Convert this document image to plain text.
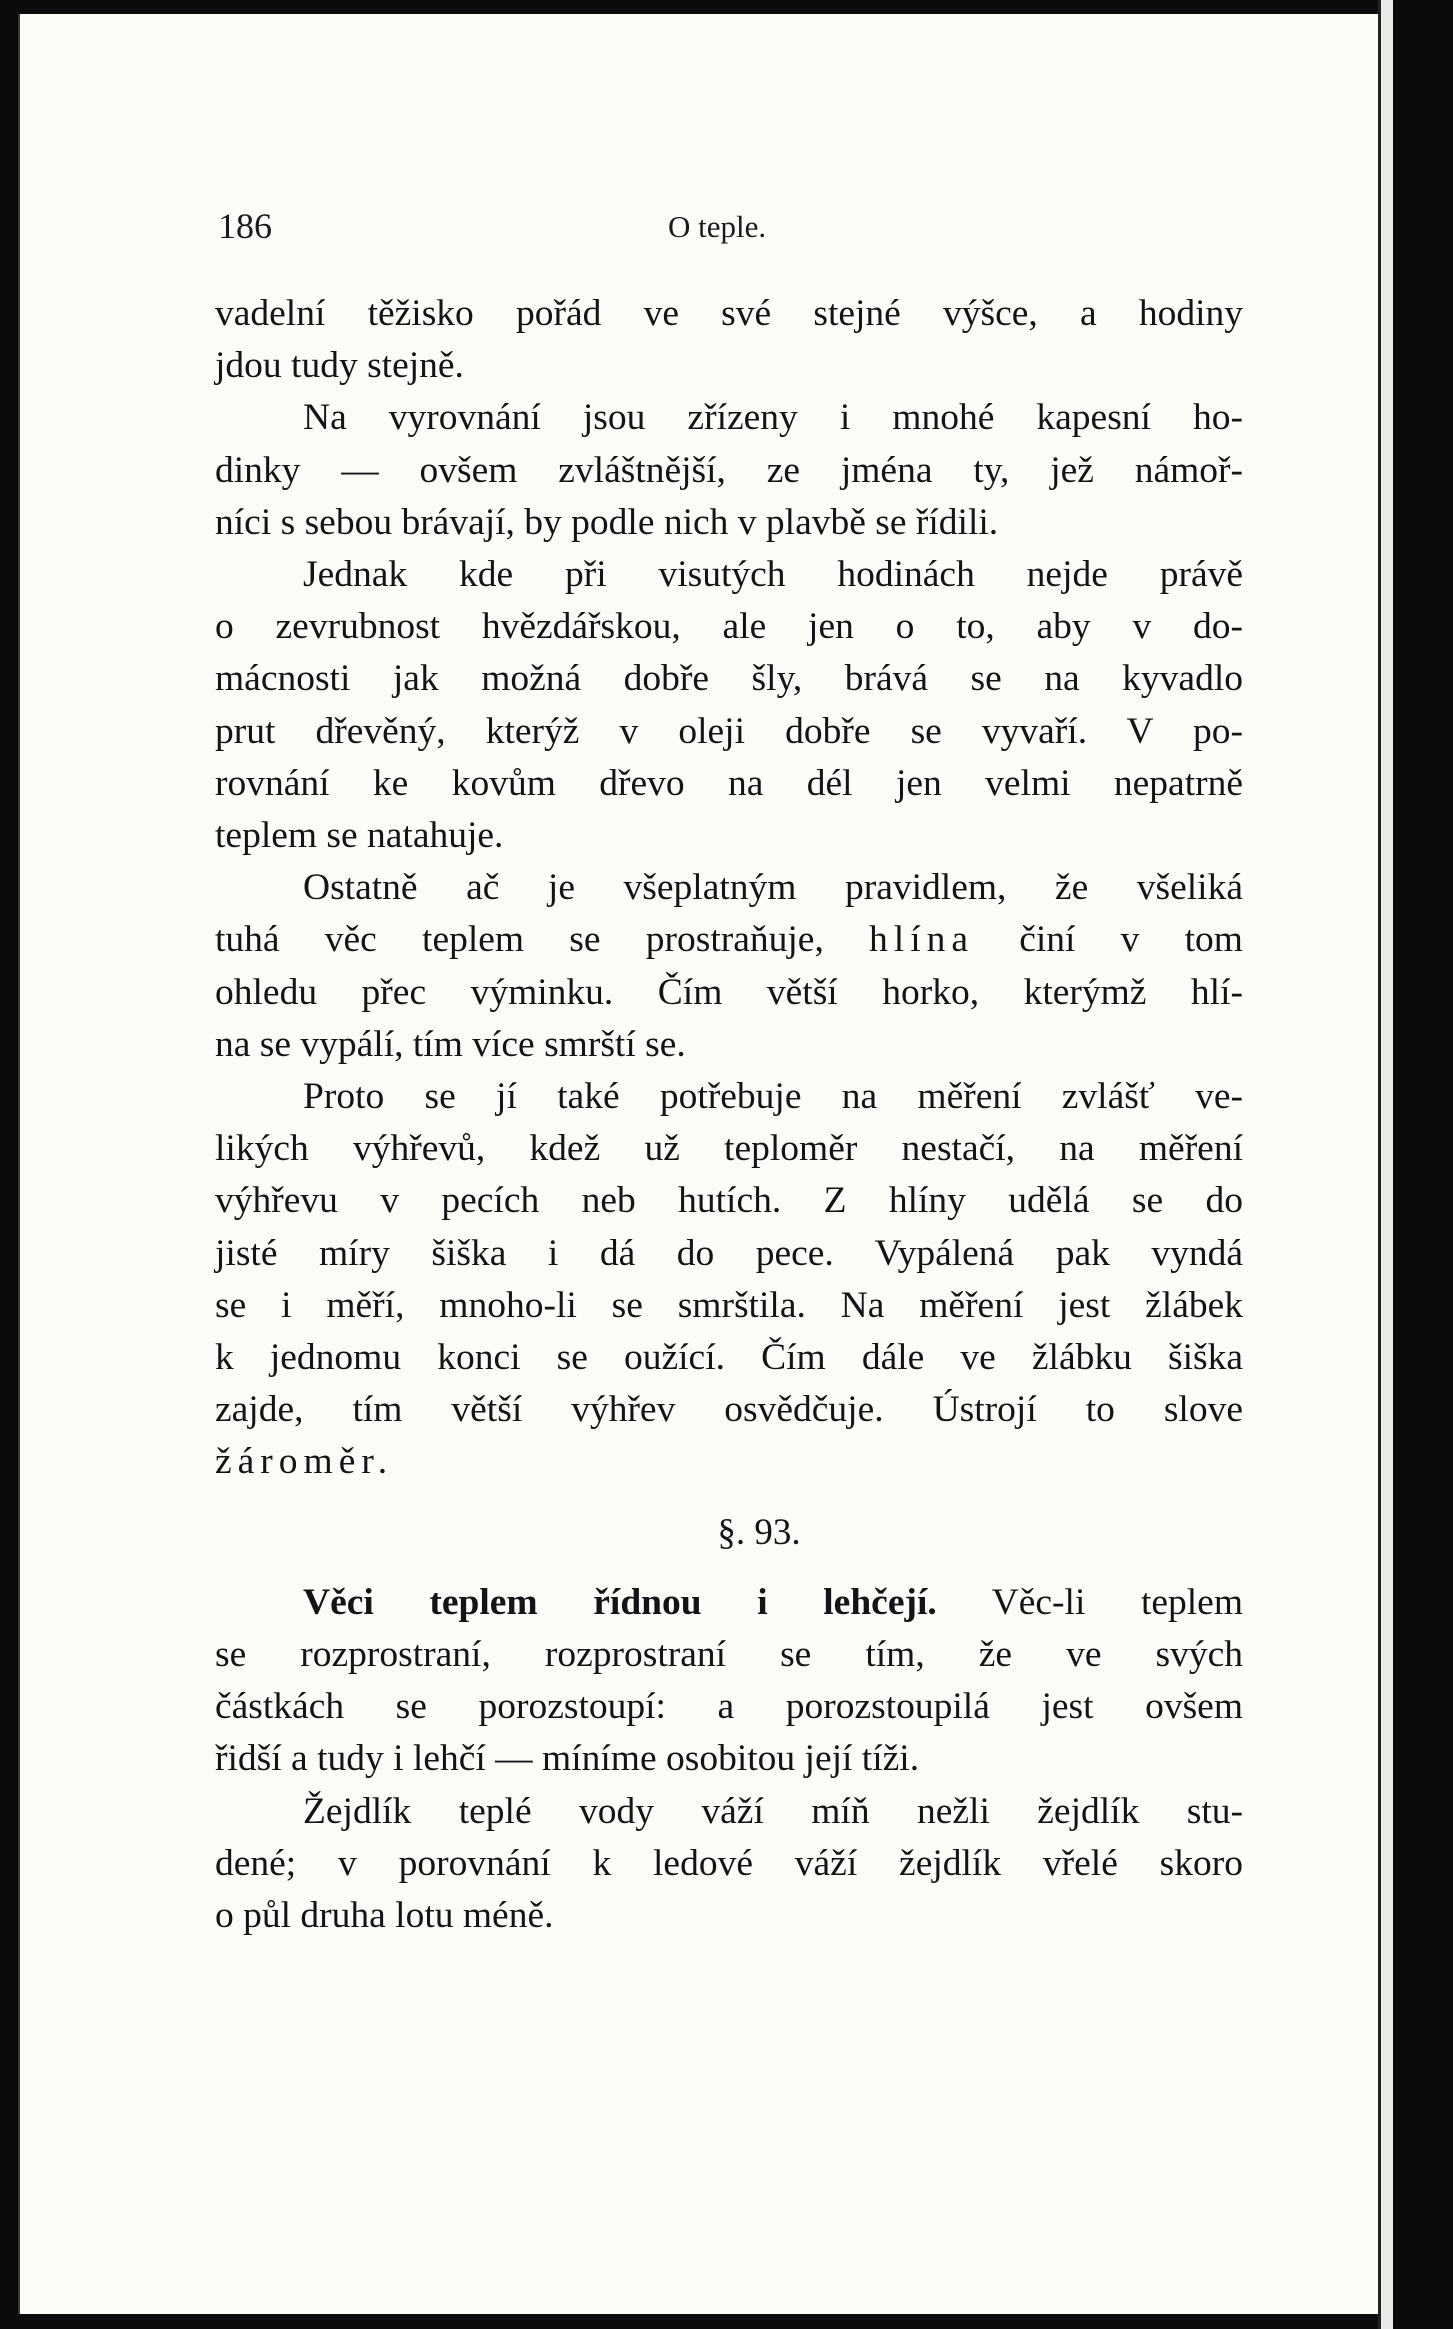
186	O teple.
vadelní těžisko pořád ve své stejné výšce, a hodiny
jdou tudy stejně.
Na vyrovnání jsou zřízeny i mnohé kapesní ho-
dinky — ovšem zvláštnější, ze jména ty, jež námoř-
níci s sebou brávají, by podle nich v plavbě se řídili.
Jednak kde při visutých hodinách nejde právě
o zevrubnost hvězdářskou, ale jen o to, aby v do-
mácnosti jak možná dobře šly, brává se na kyvadlo
prut dřevěný, kterýž v oleji dobře se vyvaří. V po-
rovnání ke kovům dřevo na dél jen velmi nepatrně
teplem se natahuje.
Ostatně ač je všeplatným pravidlem, že všeliká
tuhá věc teplem se prostraňuje, hlína činí v tom
ohledu přec výminku. Čím větší horko, kterýmž hlí-
na se vypálí, tím více smrští se.
Proto se jí také potřebuje na měření zvlášť ve-
likých výhřevů, kdež už teploměr nestačí, na měření
výhřevu v pecích neb hutích. Z hlíny udělá se do
jisté míry šiška i dá do pece. Vypálená pak vyndá
se i měří, mnoho-li se smrštila. Na měření jest žlábek
k jednomu konci se oužící. Čím dále ve žlábku šiška
zajde, tím větší výhřev osvědčuje. Ústrojí to slove
žároměr.
§. 93.
Věci teplem řídnou i lehčejí. Věc-li teplem
se rozprostraní, rozprostraní se tím, že ve svých
částkách se porozstoupí: a porozstoupilá jest ovšem
řidší a tudy i lehčí — míníme osobitou její tíži.
Žejdlík teplé vody váží míň nežli žejdlík stu-
dené; v porovnání k ledové váží žejdlík vřelé skoro
o půl druha lotu méně.
